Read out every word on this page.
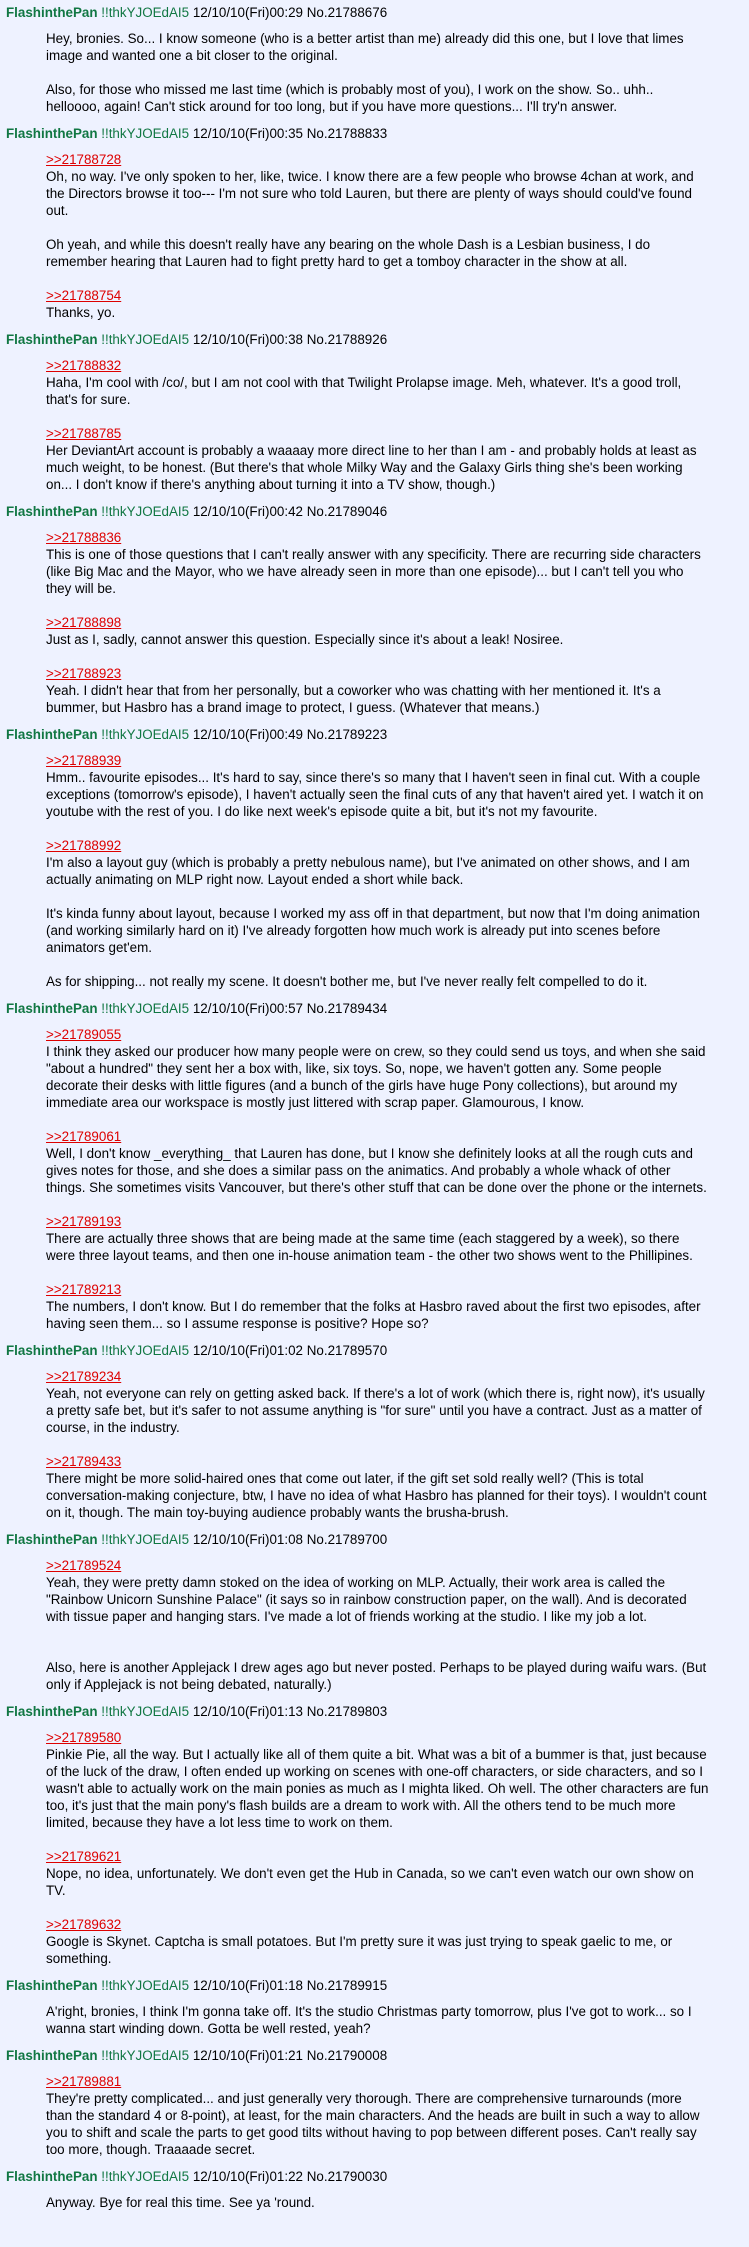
FlashinthePan !!thkYJOEdAI5 12/10/10(Fri)00:29 No.21788676
Hey, bronies. So... I know someone (who is a better artist than me) already did this one, but I love that limes image and wanted one a bit closer to the original.
Also, for those who missed me last time (which is probably most of you), I work on the show. So.. uhh.. helloooo, again! Can't stick around for too long, but if you have more questions... I'll try'n answer.
FlashinthePan !!thkYJOEdAI5 12/10/10(Fri)00:35 No.21788833
>>21788728
Oh, no way. I've only spoken to her, like, twice. I know there are a few people who browse 4chan at work, and the Directors browse it too--- I'm not sure who told Lauren, but there are plenty of ways should could've found out.
Oh yeah, and while this doesn't really have any bearing on the whole Dash is a Lesbian business, I do remember hearing that Lauren had to fight pretty hard to get a tomboy character in the show at all.
>>21788754
Thanks, yo.
FlashinthePan !!thkYJOEdAI5 12/10/10(Fri)00:38 No.21788926
>>21788832
Haha, I'm cool with /co/, but I am not cool with that Twilight Prolapse image. Meh, whatever. It's a good troll, that's for sure.
>>21788785
Her DeviantArt account is probably a waaaay more direct line to her than I am - and probably holds at least as much weight, to be honest. (But there's that whole Milky Way and the Galaxy Girls thing she's been working on... I don't know if there's anything about turning it into a TV show, though.)
FlashinthePan !!thkYJOEdAI5 12/10/10(Fri)00:42 No.21789046
>>21788836
This is one of those questions that I can't really answer with any specificity. There are recurring side characters (like Big Mac and the Mayor, who we have already seen in more than one episode)... but I can't tell you who they will be.
>>21788898
Just as I, sadly, cannot answer this question. Especially since it's about a leak! Nosiree.
>>21788923
Yeah. I didn't hear that from her personally, but a coworker who was chatting with her mentioned it. It's a bummer, but Hasbro has a brand image to protect, I guess. (Whatever that means.)
FlashinthePan !!thkYJOEdAI5 12/10/10(Fri)00:49 No.21789223
>>21788939
Hmm.. favourite episodes... It's hard to say, since there's so many that I haven't seen in final cut. With a couple exceptions (tomorrow's episode), I haven't actually seen the final cuts of any that haven't aired yet. I watch it on youtube with the rest of you. I do like next week's episode quite a bit, but it's not my favourite.
>>21788992
I'm also a layout guy (which is probably a pretty nebulous name), but I've animated on other shows, and I am actually animating on MLP right now. Layout ended a short while back.
It's kinda funny about layout, because I worked my ass off in that department, but now that I'm doing animation (and working similarly hard on it) I've already forgotten how much work is already put into scenes before animators get'em.
As for shipping... not really my scene. It doesn't bother me, but I've never really felt compelled to do it.
FlashinthePan !!thkYJOEdAI5 12/10/10(Fri)00:57 No.21789434
>>21789055
I think they asked our producer how many people were on crew, so they could send us toys, and when she said "about a hundred" they sent her a box with, like, six toys. So, nope, we haven't gotten any. Some people decorate their desks with little figures (and a bunch of the girls have huge Pony collections), but around my immediate area our workspace is mostly just littered with scrap paper. Glamourous, I know.
>>21789061
Well, I don't know _everything_ that Lauren has done, but I know she definitely looks at all the rough cuts and gives notes for those, and she does a similar pass on the animatics. And probably a whole whack of other things. She sometimes visits Vancouver, but there's other stuff that can be done over the phone or the internets.
>>21789193
There are actually three shows that are being made at the same time (each staggered by a week), so there were three layout teams, and then one in-house animation team - the other two shows went to the Phillipines.
>>21789213
The numbers, I don't know. But I do remember that the folks at Hasbro raved about the first two episodes, after having seen them... so I assume response is positive? Hope so?
FlashinthePan !!thkYJOEdAI5 12/10/10(Fri)01:02 No.21789570
>>21789234
Yeah, not everyone can rely on getting asked back. If there's a lot of work (which there is, right now), it's usually a pretty safe bet, but it's safer to not assume anything is "for sure" until you have a contract. Just as a matter of course, in the industry.
>>21789433
There might be more solid-haired ones that come out later, if the gift set sold really well? (This is total conversation-making conjecture, btw, I have no idea of what Hasbro has planned for their toys). I wouldn't count on it, though. The main toy-buying audience probably wants the brusha-brush.
FlashinthePan !!thkYJOEdAI5 12/10/10(Fri)01:08 No.21789700
>>21789524
Yeah, they were pretty damn stoked on the idea of working on MLP. Actually, their work area is called the "Rainbow Unicorn Sunshine Palace" (it says so in rainbow construction paper, on the wall). And is decorated with tissue paper and hanging stars. I've made a lot of friends working at the studio. I like my job a lot.
Also, here is another Applejack I drew ages ago but never posted. Perhaps to be played during waifu wars. (But only if Applejack is not being debated, naturally.)
FlashinthePan !!thkYJOEdAI5 12/10/10(Fri)01:13 No.21789803
>>21789580
Pinkie Pie, all the way. But I actually like all of them quite a bit. What was a bit of a bummer is that, just because of the luck of the draw, I often ended up working on scenes with one-off characters, or side characters, and so I wasn't able to actually work on the main ponies as much as I mighta liked. Oh well. The other characters are fun too, it's just that the main pony's flash builds are a dream to work with. All the others tend to be much more limited, because they have a lot less time to work on them.
>>21789621
Nope, no idea, unfortunately. We don't even get the Hub in Canada, so we can't even watch our own show on TV.
>>21789632
Google is Skynet. Captcha is small potatoes. But I'm pretty sure it was just trying to speak gaelic to me, or something.
FlashinthePan !!thkYJOEdAI5 12/10/10(Fri)01:18 No.21789915
A'right, bronies, I think I'm gonna take off. It's the studio Christmas party tomorrow, plus I've got to work... so I wanna start winding down. Gotta be well rested, yeah?
FlashinthePan !!thkYJOEdAI5 12/10/10(Fri)01:21 No.21790008
>>21789881
They're pretty complicated... and just generally very thorough. There are comprehensive turnarounds (more than the standard 4 or 8-point), at least, for the main characters. And the heads are built in such a way to allow you to shift and scale the parts to get good tilts without having to pop between different poses. Can't really say too more, though. Traaaade secret.
FlashinthePan !!thkYJOEdAI5 12/10/10(Fri)01:22 No.21790030
Anyway. Bye for real this time. See ya 'round.
